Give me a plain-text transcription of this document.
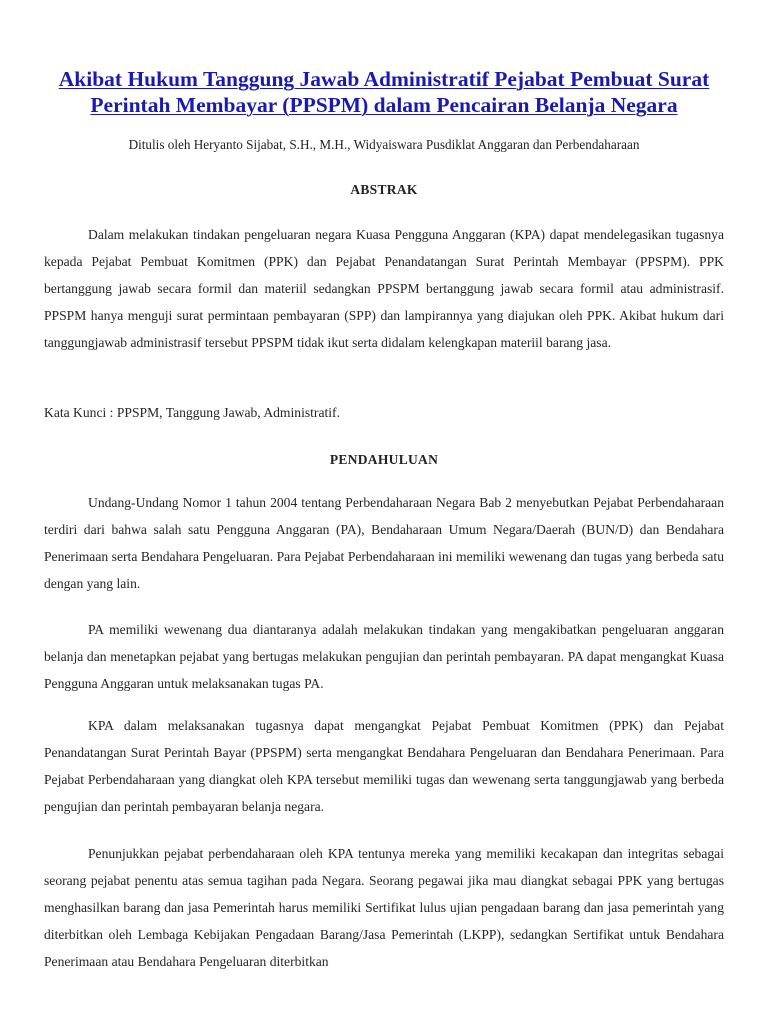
Akibat Hukum Tanggung Jawab Administratif Pejabat Pembuat Surat Perintah Membayar (PPSPM) dalam Pencairan Belanja Negara
Ditulis oleh Heryanto Sijabat, S.H., M.H., Widyaiswara Pusdiklat Anggaran dan Perbendaharaan
ABSTRAK

Dalam melakukan tindakan pengeluaran negara Kuasa Pengguna Anggaran (KPA) dapat mendelegasikan tugasnya kepada Pejabat Pembuat Komitmen (PPK) dan Pejabat Penandatangan Surat Perintah Membayar (PPSPM). PPK bertanggung jawab secara formil dan materiil sedangkan PPSPM bertanggung jawab secara formil atau administrasif. PPSPM hanya menguji surat permintaan pembayaran (SPP) dan lampirannya yang diajukan oleh PPK. Akibat hukum dari tanggungjawab administrasif tersebut PPSPM tidak ikut serta didalam kelengkapan materiil barang jasa.

Kata Kunci : PPSPM, Tanggung Jawab, Administratif.

PENDAHULUAN

Undang-Undang Nomor 1 tahun 2004 tentang Perbendaharaan Negara Bab 2 menyebutkan Pejabat Perbendaharaan terdiri dari bahwa salah satu Pengguna Anggaran (PA), Bendaharaan Umum Negara/Daerah (BUN/D) dan Bendahara Penerimaan serta Bendahara Pengeluaran. Para Pejabat Perbendaharaan ini memiliki wewenang dan tugas yang berbeda satu dengan yang lain.

PA memiliki wewenang dua diantaranya adalah melakukan tindakan yang mengakibatkan pengeluaran anggaran belanja dan menetapkan pejabat yang bertugas melakukan pengujian dan perintah pembayaran. PA dapat mengangkat Kuasa Pengguna Anggaran untuk melaksanakan tugas PA.

KPA dalam melaksanakan tugasnya dapat mengangkat Pejabat Pembuat Komitmen (PPK) dan Pejabat Penandatangan Surat Perintah Bayar (PPSPM) serta mengangkat Bendahara Pengeluaran dan Bendahara Penerimaan. Para Pejabat Perbendaharaan yang diangkat oleh KPA tersebut memiliki tugas dan wewenang serta tanggungjawab yang berbeda pengujian dan perintah pembayaran belanja negara.

Penunjukkan pejabat perbendaharaan oleh KPA tentunya mereka yang memiliki kecakapan dan integritas sebagai seorang pejabat penentu atas semua tagihan pada Negara. Seorang pegawai jika mau diangkat sebagai PPK yang bertugas menghasilkan barang dan jasa Pemerintah harus memiliki Sertifikat lulus ujian pengadaan barang dan jasa pemerintah yang diterbitkan oleh Lembaga Kebijakan Pengadaan Barang/Jasa Pemerintah (LKPP), sedangkan Sertifikat untuk Bendahara Penerimaan atau Bendahara Pengeluaran diterbitkan
